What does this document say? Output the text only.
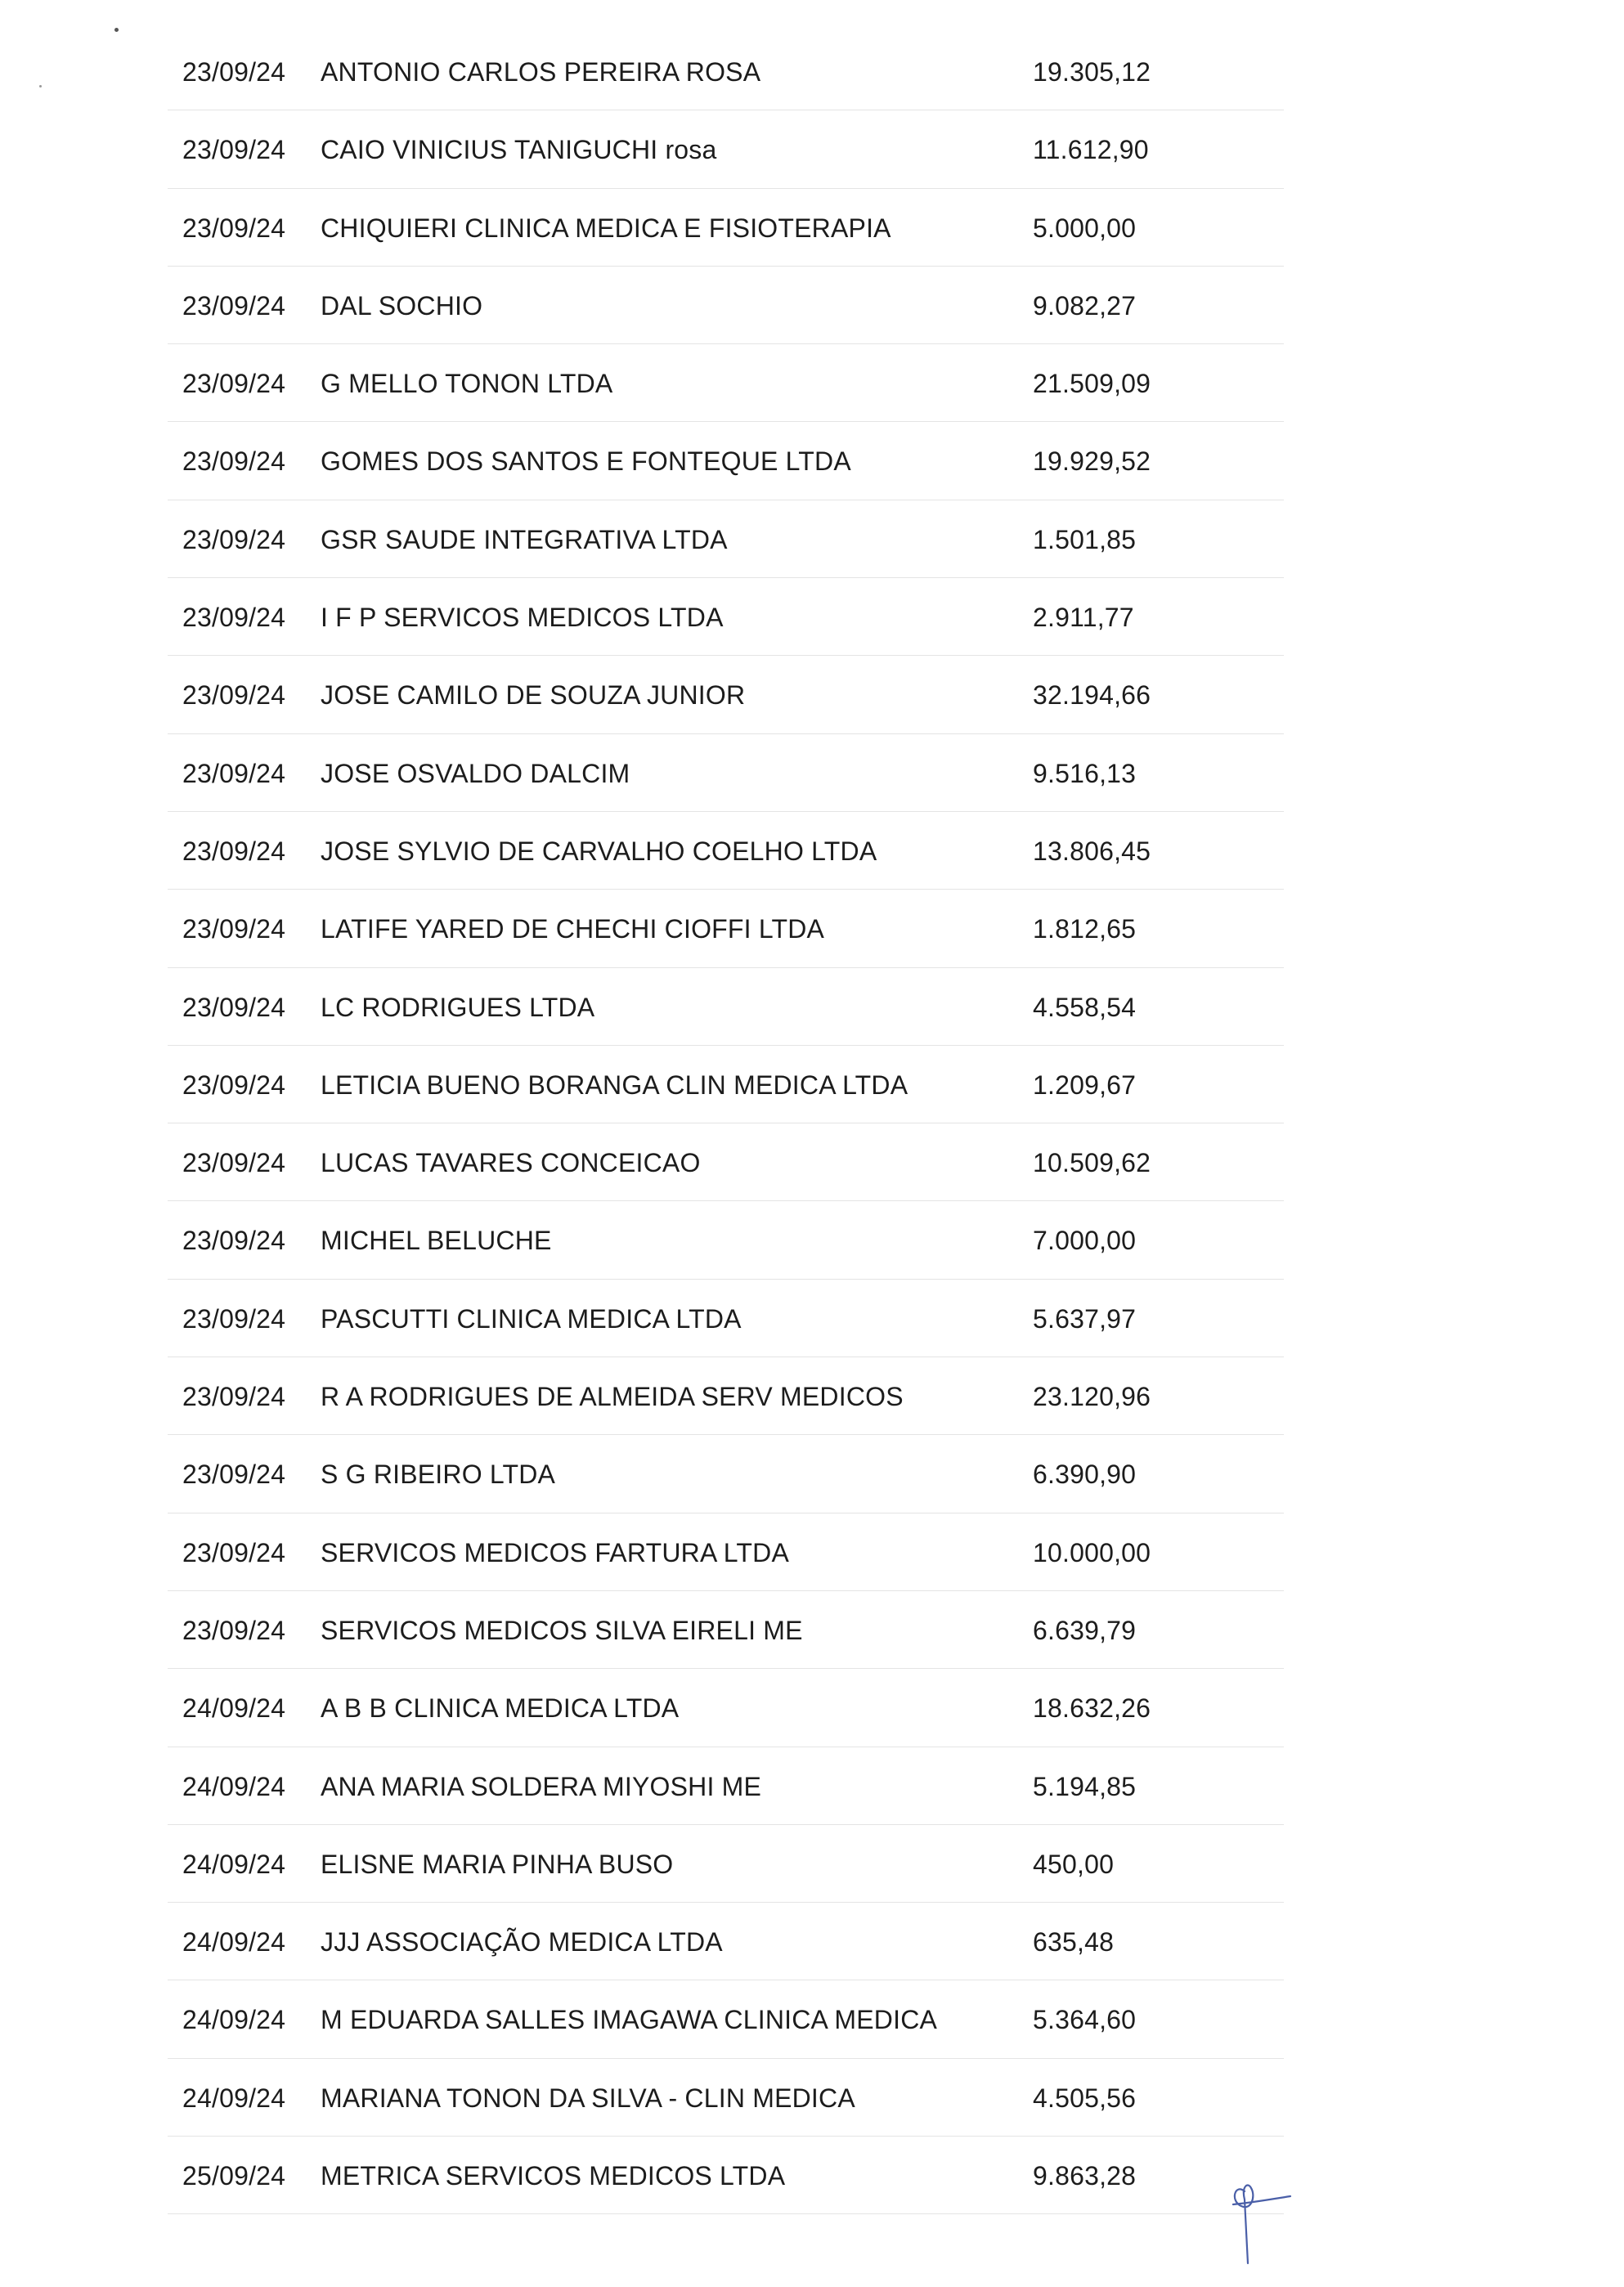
23/09/24 ANTONIO CARLOS PEREIRA ROSA	19.305,12
23/09/24 CAIO VINICIUS TANIGUCHI rosa	11.612,90
23/09/24 CHIQUIERI CLINICA MEDICA E FISIOTERAPIA	5.000,00
23/09/24 DAL SOCHIO	9.082,27
23/09/24 G MELLO TONON LTDA	21.509,09
23/09/24 GOMES DOS SANTOS E FONTEQUE LTDA	19.929,52
23/09/24 GSR SAUDE INTEGRATIVA LTDA	1.501,85
23/09/24 I F P SERVICOS MEDICOS LTDA	2.911,77
23/09/24 JOSE CAMILO DE SOUZA JUNIOR	32.194,66
23/09/24 JOSE OSVALDO DALCIM	9.516,13
23/09/24 JOSE SYLVIO DE CARVALHO COELHO LTDA	13.806,45
23/09/24 LATIFE YARED DE CHECHI CIOFFI LTDA	1.812,65
23/09/24 LC RODRIGUES LTDA	4.558,54
23/09/24 LETICIA BUENO BORANGA CLIN MEDICA LTDA	1.209,67
23/09/24 LUCAS TAVARES CONCEICAO	10.509,62
23/09/24 MICHEL BELUCHE	7.000,00
23/09/24 PASCUTTI CLINICA MEDICA LTDA	5.637,97
23/09/24 R A RODRIGUES DE ALMEIDA SERV MEDICOS	23.120,96
23/09/24 S G RIBEIRO LTDA	6.390,90
23/09/24 SERVICOS MEDICOS FARTURA LTDA	10.000,00
23/09/24 SERVICOS MEDICOS SILVA EIRELI ME	6.639,79
24/09/24 A B B CLINICA MEDICA LTDA	18.632,26
24/09/24 ANA MARIA SOLDERA MIYOSHI ME	5.194,85
24/09/24 ELISNE MARIA PINHA BUSO	450,00
24/09/24 JJJ ASSOCIAÇÃO MEDICA LTDA	635,48
24/09/24 M EDUARDA SALLES IMAGAWA CLINICA MEDICA	5.364,60
24/09/24 MARIANA TONON DA SILVA - CLIN MEDICA	4.505,56
25/09/24 METRICA SERVICOS MEDICOS LTDA	9.863,28
